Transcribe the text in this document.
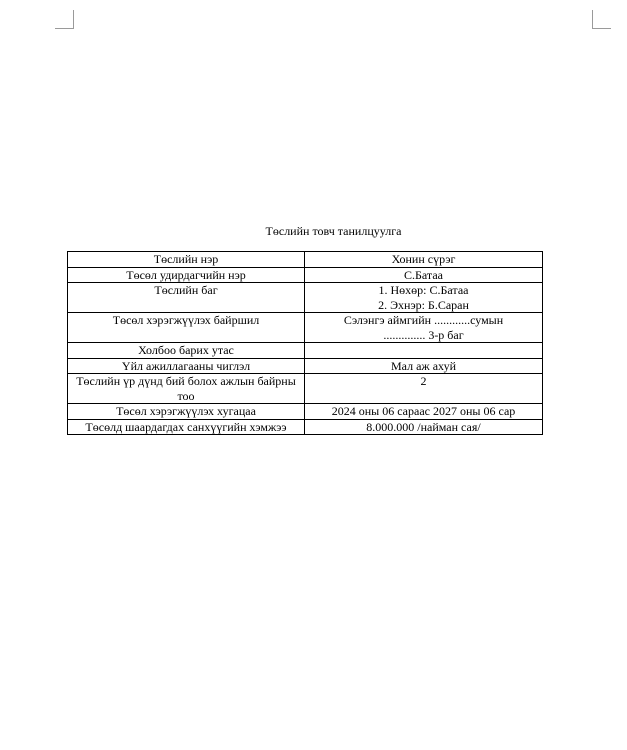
Төслийн товч танилцуулга
Төслийн нэр	Хонин сүрэг

Төсөл удирдагчийн нэр	С.Батаа

Төслийн баг	1. Нөхөр: С.Батаа
2. Эхнэр: Б.Саран

Төсөл хэрэгжүүлэх байршил	Сэлэнгэ аймгийн ............сумын
.............. 3-р баг

Холбоо барих утас	

Үйл ажиллагааны чиглэл	Мал аж ахуй

Төслийн үр дүнд бий болох ажлын байрны тоо	2

Төсөл хэрэгжүүлэх хугацаа	2024 оны 06 сараас 2027 оны 06 сар

Төсөлд шаардагдах санхүүгийн хэмжээ	8.000.000 /найман сая/
